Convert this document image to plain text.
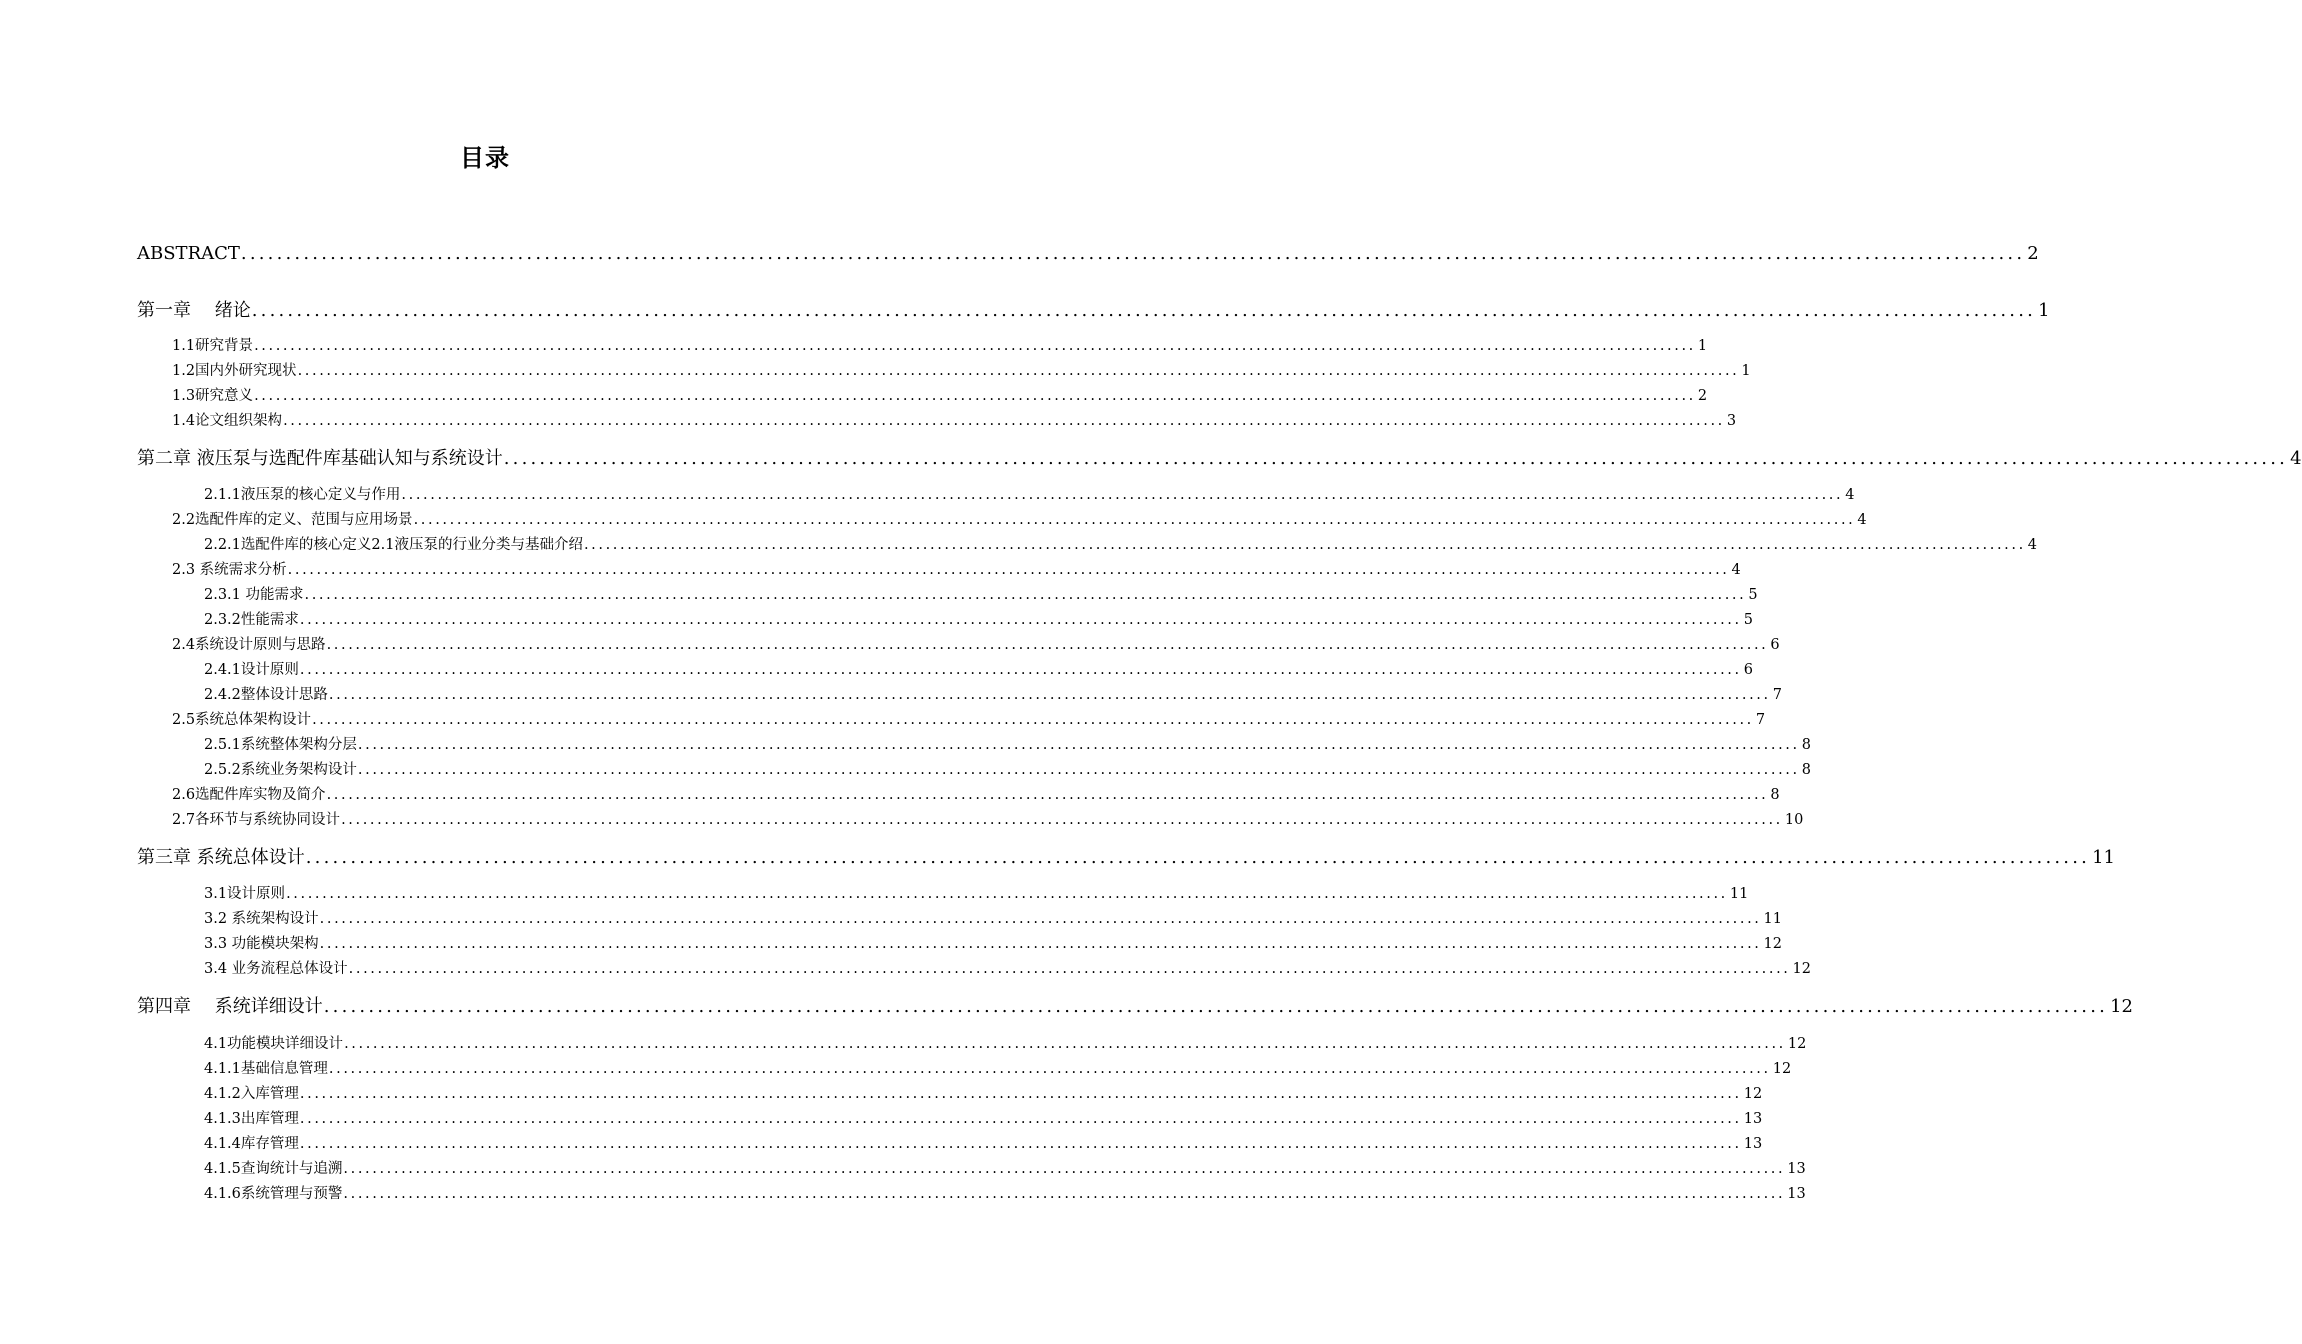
目录
ABSTRACT ........................................................................................................................................................................................................ 2
第一章　 绪论 ........................................................................................................................................................................................................ 1
1.1研究背景 ........................................................................................................................................................................................................ 1
1.2国内外研究现状 ........................................................................................................................................................................................................ 1
1.3研究意义 ........................................................................................................................................................................................................ 2
1.4论文组织架构 ........................................................................................................................................................................................................ 3
第二章 液压泵与选配件库基础认知与系统设计 ........................................................................................................................................................................................................ 4
2.1.1液压泵的核心定义与作用 ........................................................................................................................................................................................................ 4
2.2选配件库的定义、范围与应用场景 ........................................................................................................................................................................................................ 4
2.2.1选配件库的核心定义2.1液压泵的行业分类与基础介绍 ........................................................................................................................................................................................................ 4
2.3 系统需求分析 ........................................................................................................................................................................................................ 4
2.3.1 功能需求 ........................................................................................................................................................................................................ 5
2.3.2性能需求 ........................................................................................................................................................................................................ 5
2.4系统设计原则与思路 ........................................................................................................................................................................................................ 6
2.4.1设计原则 ........................................................................................................................................................................................................ 6
2.4.2整体设计思路 ........................................................................................................................................................................................................ 7
2.5系统总体架构设计 ........................................................................................................................................................................................................ 7
2.5.1系统整体架构分层 ........................................................................................................................................................................................................ 8
2.5.2系统业务架构设计 ........................................................................................................................................................................................................ 8
2.6选配件库实物及简介 ........................................................................................................................................................................................................ 8
2.7各环节与系统协同设计 ........................................................................................................................................................................................................ 10
第三章 系统总体设计 ........................................................................................................................................................................................................ 11
3.1设计原则 ........................................................................................................................................................................................................ 11
3.2 系统架构设计 ........................................................................................................................................................................................................ 11
3.3 功能模块架构 ........................................................................................................................................................................................................ 12
3.4 业务流程总体设计 ........................................................................................................................................................................................................ 12
第四章　 系统详细设计 ........................................................................................................................................................................................................ 12
4.1功能模块详细设计 ........................................................................................................................................................................................................ 12
4.1.1基础信息管理 ........................................................................................................................................................................................................ 12
4.1.2入库管理 ........................................................................................................................................................................................................ 12
4.1.3出库管理 ........................................................................................................................................................................................................ 13
4.1.4库存管理 ........................................................................................................................................................................................................ 13
4.1.5查询统计与追溯 ........................................................................................................................................................................................................ 13
4.1.6系统管理与预警 ........................................................................................................................................................................................................ 13
